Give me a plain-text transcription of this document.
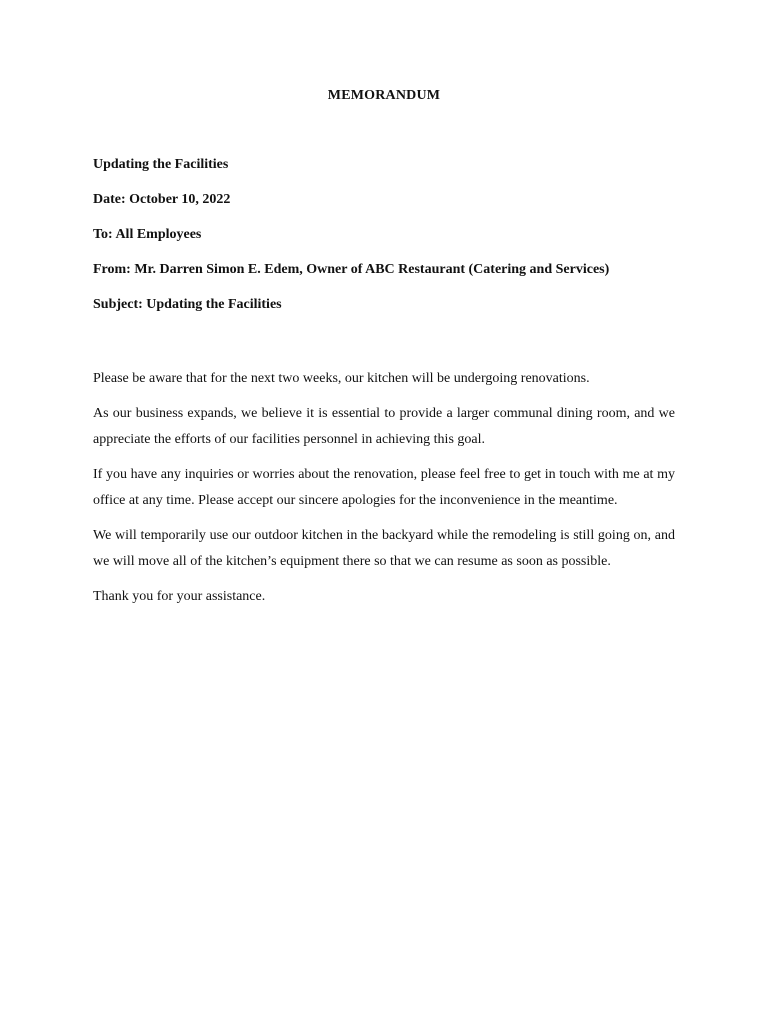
MEMORANDUM
Updating the Facilities
Date: October 10, 2022
To: All Employees
From: Mr. Darren Simon E. Edem, Owner of ABC Restaurant (Catering and Services)
Subject: Updating the Facilities

Please be aware that for the next two weeks, our kitchen will be undergoing renovations.

As our business expands, we believe it is essential to provide a larger communal dining room, and we appreciate the efforts of our facilities personnel in achieving this goal.

If you have any inquiries or worries about the renovation, please feel free to get in touch with me at my office at any time. Please accept our sincere apologies for the inconvenience in the meantime.

We will temporarily use our outdoor kitchen in the backyard while the remodeling is still going on, and we will move all of the kitchen’s equipment there so that we can resume as soon as possible.

Thank you for your assistance.
